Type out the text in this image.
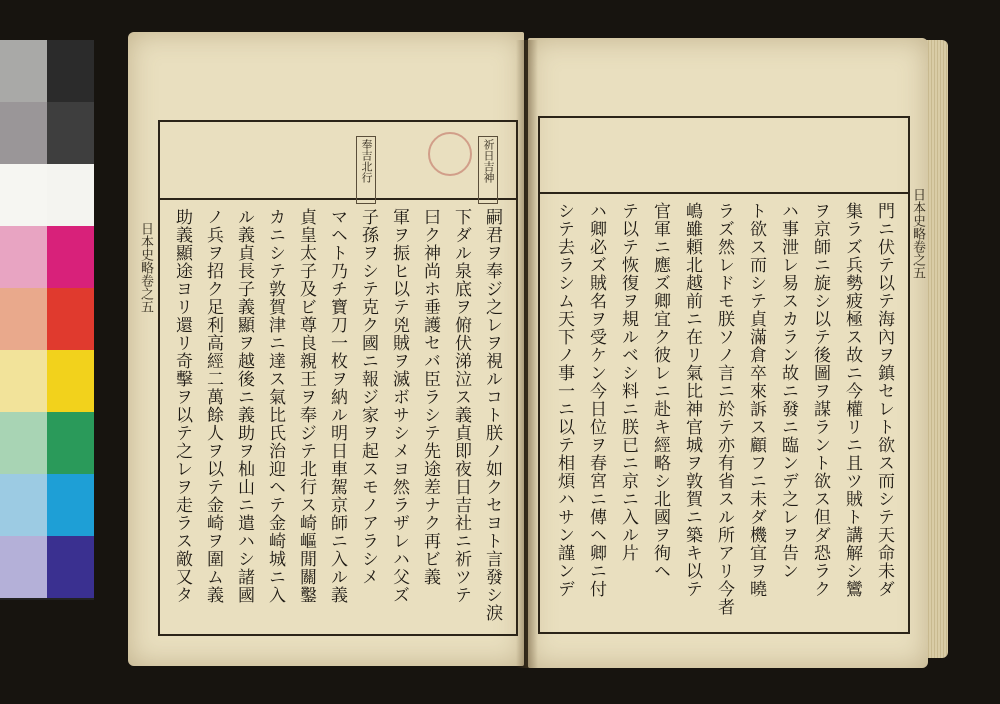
日本史略卷之五
祈日吉神
奉吉北行
嗣君ヲ奉ジ之レヲ視ルコト朕ノ如クセヨト言發シ淚
下ダル泉底ヲ俯伏涕泣ス義貞即夜日吉社ニ祈ツテ
曰ク神尚ホ垂護セバ臣ラシテ先途差ナク再ビ義
軍ヲ振ヒ以テ兇賊ヲ滅ボサシメヨ然ラザレハ父ズ
子孫ヲシテ克ク國ニ報ジ家ヲ起スモノアラシメ
マヘト乃チ寶刀一枚ヲ納ル明日車駕京師ニ入ル義
貞皇太子及ビ尊良親王ヲ奉ジテ北行ス崎嶇閒關鑿
カニシテ敦賀津ニ達ス氣比氏治迎ヘテ金崎城ニ入
ル義貞長子義顯ヲ越後ニ義助ヲ杣山ニ遣ハシ諸國
ノ兵ヲ招ク足利高經二萬餘人ヲ以テ金崎ヲ圍ム義
助義顯途ヨリ還リ奇擊ヲ以テ之レヲ走ラス敵又タ	門ニ伏テ以テ海內ヲ鎮セレト欲ス而シテ天命未ダ
集ラズ兵勢疲極ス故ニ今權リニ且ツ賊ト講解シ鸞
ヲ京師ニ旋シ以テ後圖ヲ謀ラント欲ス但ダ恐ラク
ハ事泄レ易スカラン故ニ發ニ臨ンデ之レヲ告ン
ト欲ス而シテ貞滿倉卒來訴ス顧フニ未ダ機宜ヲ曉
ラズ然レドモ朕ソノ言ニ於テ亦有省スル所アリ今者
嶋雖頼北越前ニ在リ氣比神官城ヲ敦賀ニ築キ以テ
官軍ニ應ズ卿宜ク彼レニ赴キ經略シ北國ヲ徇ヘ
テ以テ恢復ヲ規ルベシ料ニ朕已ニ京ニ入ル片
ハ卿必ズ賊名ヲ受ケン今日位ヲ春宮ニ傳ヘ卿ニ付
シテ去ラシム天下ノ事一ニ以テ相煩ハサン謹ンデ	日本史略卷之五
